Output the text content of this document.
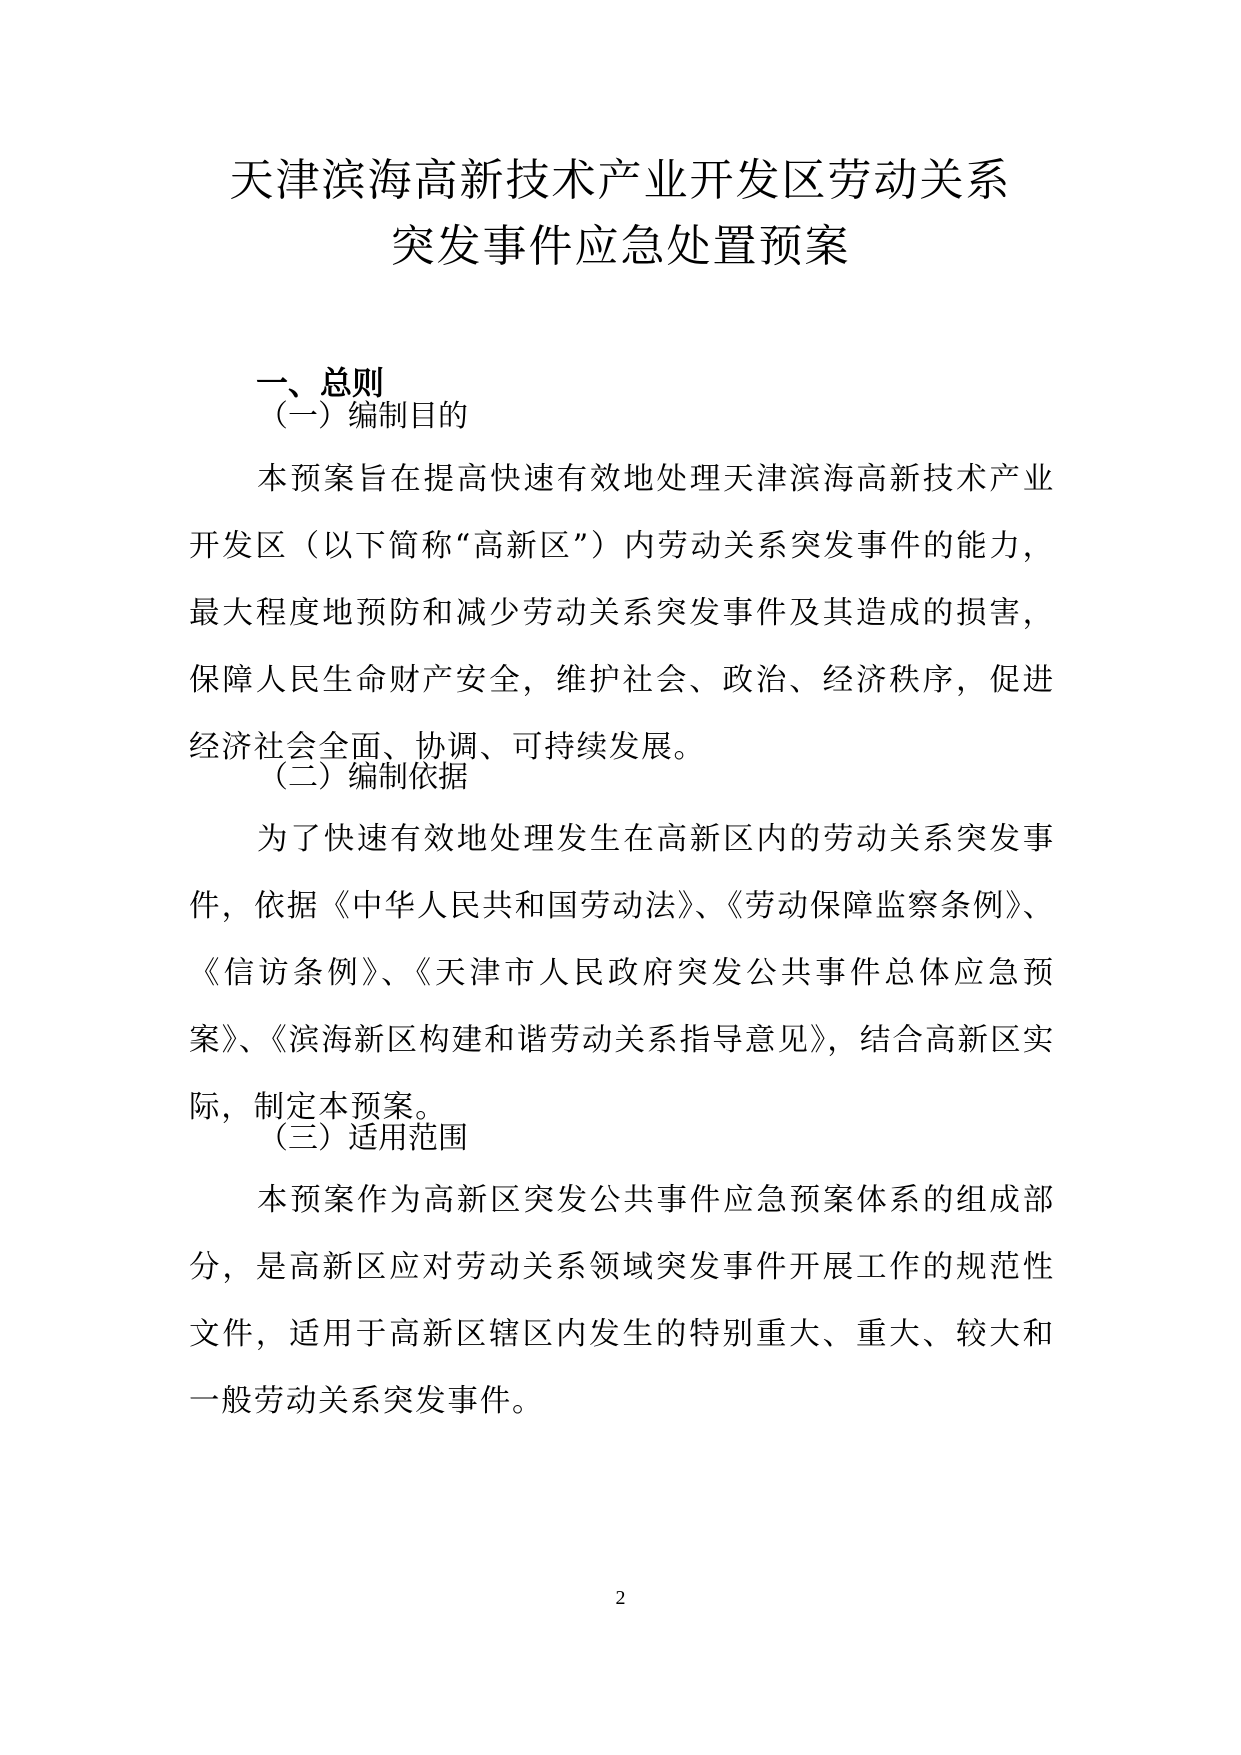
天津滨海高新技术产业开发区劳动关系
突发事件应急处置预案
一、总则
（一）编制目的
本预案旨在提高快速有效地处理天津滨海高新技术产业开发区（以下简称“高新区”）内劳动关系突发事件的能力，最大程度地预防和减少劳动关系突发事件及其造成的损害，保障人民生命财产安全，维护社会、政治、经济秩序，促进经济社会全面、协调、可持续发展。
（二）编制依据
为了快速有效地处理发生在高新区内的劳动关系突发事件，依据《中华人民共和国劳动法》、《劳动保障监察条例》、《信访条例》、《天津市人民政府突发公共事件总体应急预案》、《滨海新区构建和谐劳动关系指导意见》，结合高新区实际，制定本预案。
（三）适用范围
本预案作为高新区突发公共事件应急预案体系的组成部分，是高新区应对劳动关系领域突发事件开展工作的规范性文件，适用于高新区辖区内发生的特别重大、重大、较大和一般劳动关系突发事件。
2
